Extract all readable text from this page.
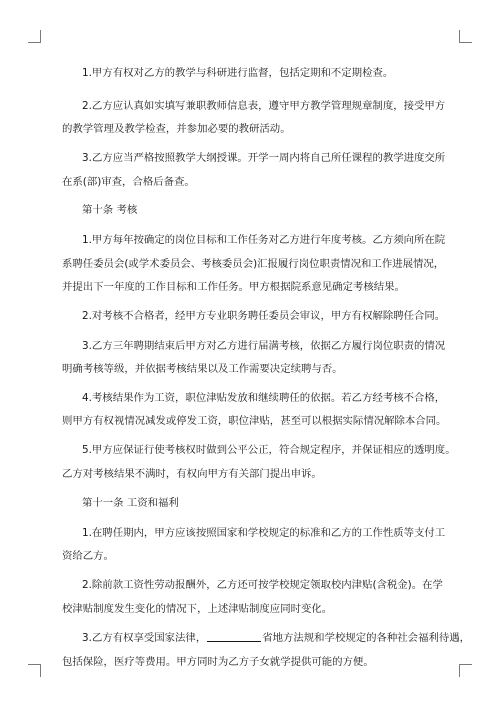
1.甲方有权对乙方的教学与科研进行监督，包括定期和不定期检查。
2.乙方应认真如实填写兼职教师信息表，遵守甲方教学管理规章制度，接受甲方
的教学管理及教学检查，并参加必要的教研活动。
3.乙方应当严格按照教学大纲授课。开学一周内将自己所任课程的教学进度交所
在系(部)审查，合格后备查。
第十条 考核
1.甲方每年按确定的岗位目标和工作任务对乙方进行年度考核。乙方须向所在院
系聘任委员会(或学术委员会、考核委员会)汇报履行岗位职责情况和工作进展情况，
并提出下一年度的工作目标和工作任务。甲方根据院系意见确定考核结果。
2.对考核不合格者，经甲方专业职务聘任委员会审议，甲方有权解除聘任合同。
3.乙方三年聘期结束后甲方对乙方进行届满考核，依据乙方履行岗位职责的情况
明确考核等级，并依据考核结果以及工作需要决定续聘与否。
4.考核结果作为工资，职位津贴发放和继续聘任的依据。若乙方经考核不合格，
则甲方有权视情况减发或停发工资，职位津贴，甚至可以根据实际情况解除本合同。
5.甲方应保证行使考核权时做到公平公正，符合规定程序，并保证相应的透明度。
乙方对考核结果不满时，有权向甲方有关部门提出申诉。
第十一条 工资和福利
1.在聘任期内，甲方应该按照国家和学校规定的标准和乙方的工作性质等支付工
资给乙方。
2.除前款工资性劳动报酬外，乙方还可按学校规定领取校内津贴(含税金)。在学
校津贴制度发生变化的情况下，上述津贴制度应同时变化。
3.乙方有权享受国家法律，	省地方法规和学校规定的各种社会福利待遇，
包括保险，医疗等费用。甲方同时为乙方子女就学提供可能的方便。
